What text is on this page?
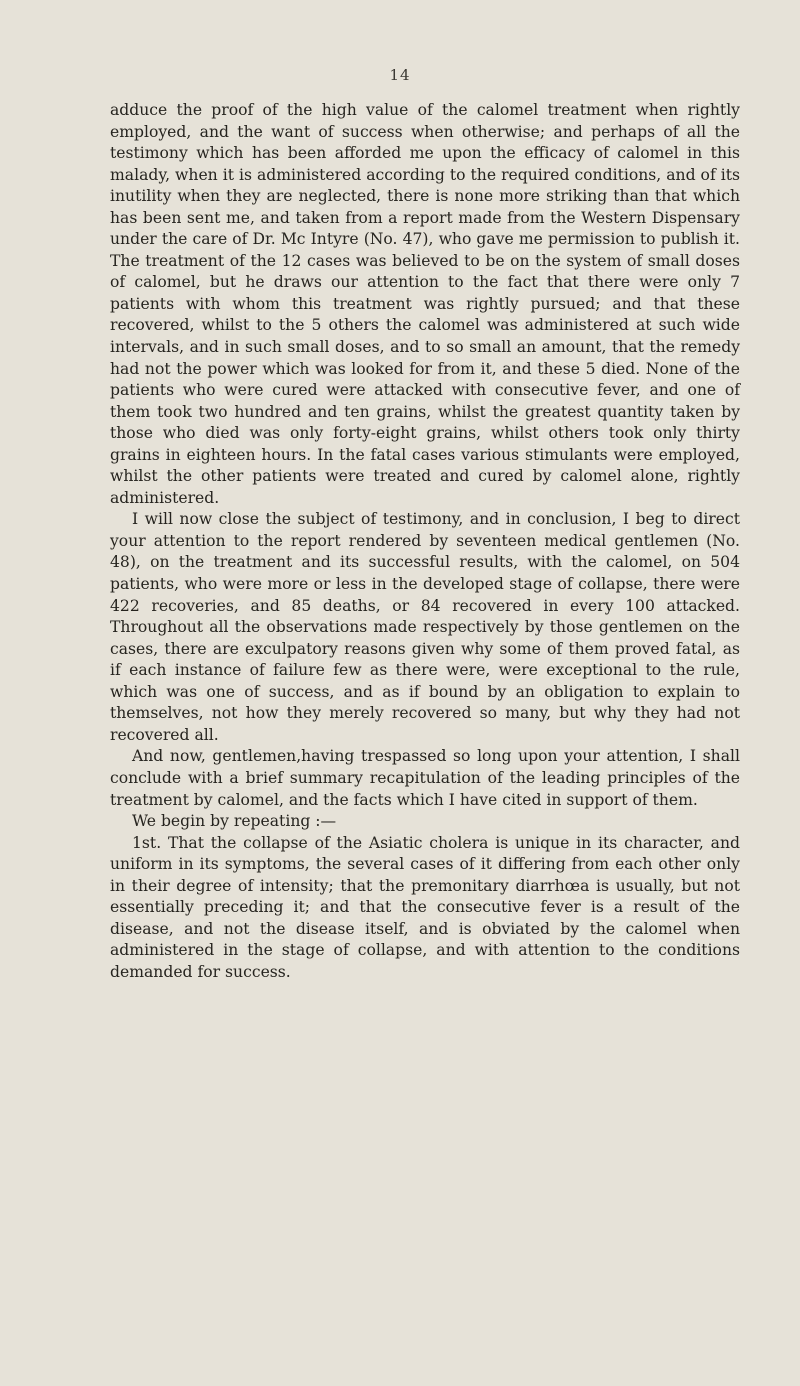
14

adduce the proof of the high value of the calomel treatment when rightly employed, and the want of success when otherwise; and perhaps of all the testimony which has been afforded me upon the efficacy of calomel in this malady, when it is administered according to the required conditions, and of its inutility when they are neglected, there is none more striking than that which has been sent me, and taken from a report made from the Western Dispensary under the care of Dr. Mc Intyre (No. 47), who gave me permission to publish it. The treatment of the 12 cases was believed to be on the system of small doses of calomel, but he draws our attention to the fact that there were only 7 patients with whom this treatment was rightly pursued; and that these recovered, whilst to the 5 others the calomel was administered at such wide intervals, and in such small doses, and to so small an amount, that the remedy had not the power which was looked for from it, and these 5 died. None of the patients who were cured were attacked with consecutive fever, and one of them took two hundred and ten grains, whilst the greatest quantity taken by those who died was only forty-eight grains, whilst others took only thirty grains in eighteen hours. In the fatal cases various stimulants were employed, whilst the other patients were treated and cured by calomel alone, rightly administered.

I will now close the subject of testimony, and in conclusion, I beg to direct your attention to the report rendered by seventeen medical gentlemen (No. 48), on the treatment and its successful results, with the calomel, on 504 patients, who were more or less in the developed stage of collapse, there were 422 recoveries, and 85 deaths, or 84 recovered in every 100 attacked. Throughout all the observations made respectively by those gentlemen on the cases, there are exculpatory reasons given why some of them proved fatal, as if each instance of failure few as there were, were exceptional to the rule, which was one of success, and as if bound by an obligation to explain to themselves, not how they merely recovered so many, but why they had not recovered all.

And now, gentlemen,having trespassed so long upon your attention, I shall conclude with a brief summary recapitulation of the leading principles of the treatment by calomel, and the facts which I have cited in support of them.

We begin by repeating :—

1st. That the collapse of the Asiatic cholera is unique in its character, and uniform in its symptoms, the several cases of it differing from each other only in their degree of intensity; that the premonitary diarrhœa is usually, but not essentially preceding it; and that the consecutive fever is a result of the disease, and not the disease itself, and is obviated by the calomel when administered in the stage of collapse, and with attention to the conditions demanded for success.
